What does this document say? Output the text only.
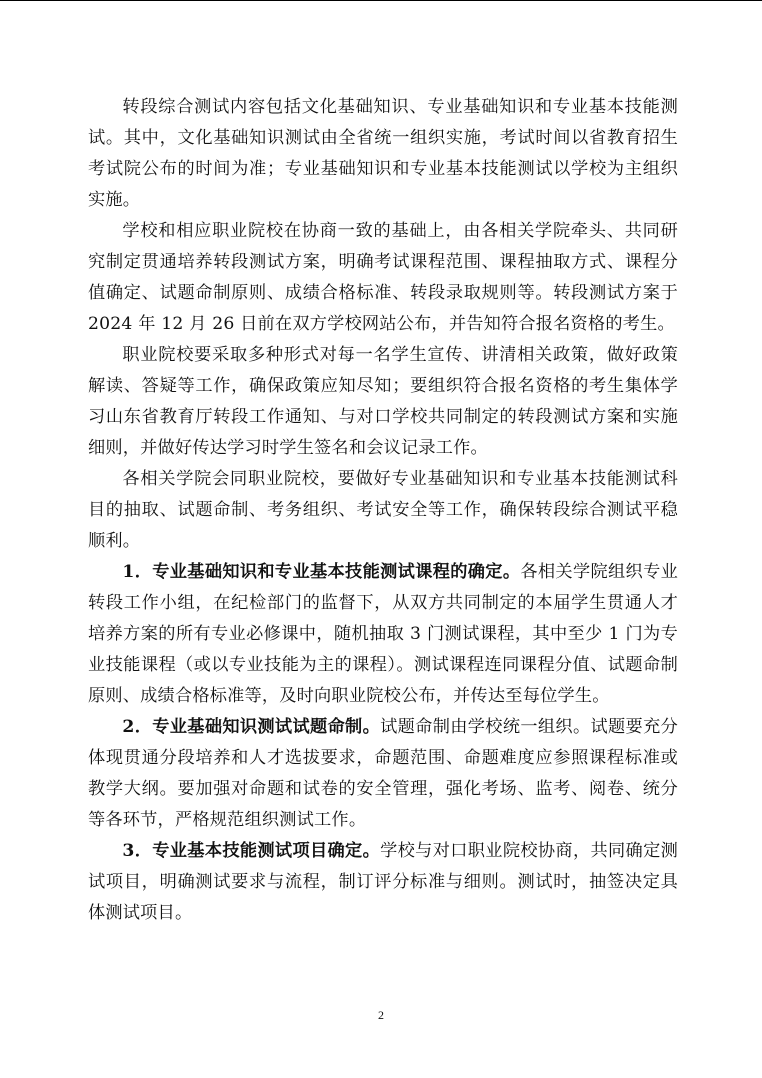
转段综合测试内容包括文化基础知识、专业基础知识和专业基本技能测试。其中，文化基础知识测试由全省统一组织实施，考试时间以省教育招生考试院公布的时间为准；专业基础知识和专业基本技能测试以学校为主组织实施。

学校和相应职业院校在协商一致的基础上，由各相关学院牵头、共同研究制定贯通培养转段测试方案，明确考试课程范围、课程抽取方式、课程分值确定、试题命制原则、成绩合格标准、转段录取规则等。转段测试方案于 2024 年 12 月 26 日前在双方学校网站公布，并告知符合报名资格的考生。

职业院校要采取多种形式对每一名学生宣传、讲清相关政策，做好政策解读、答疑等工作，确保政策应知尽知；要组织符合报名资格的考生集体学习山东省教育厅转段工作通知、与对口学校共同制定的转段测试方案和实施细则，并做好传达学习时学生签名和会议记录工作。

各相关学院会同职业院校，要做好专业基础知识和专业基本技能测试科目的抽取、试题命制、考务组织、考试安全等工作，确保转段综合测试平稳顺利。

1．专业基础知识和专业基本技能测试课程的确定。各相关学院组织专业转段工作小组，在纪检部门的监督下，从双方共同制定的本届学生贯通人才培养方案的所有专业必修课中，随机抽取 3 门测试课程，其中至少 1 门为专业技能课程（或以专业技能为主的课程）。测试课程连同课程分值、试题命制原则、成绩合格标准等，及时向职业院校公布，并传达至每位学生。

2．专业基础知识测试试题命制。试题命制由学校统一组织。试题要充分体现贯通分段培养和人才选拔要求，命题范围、命题难度应参照课程标准或教学大纲。要加强对命题和试卷的安全管理，强化考场、监考、阅卷、统分等各环节，严格规范组织测试工作。

3．专业基本技能测试项目确定。学校与对口职业院校协商，共同确定测试项目，明确测试要求与流程，制订评分标准与细则。测试时，抽签决定具体测试项目。

2
